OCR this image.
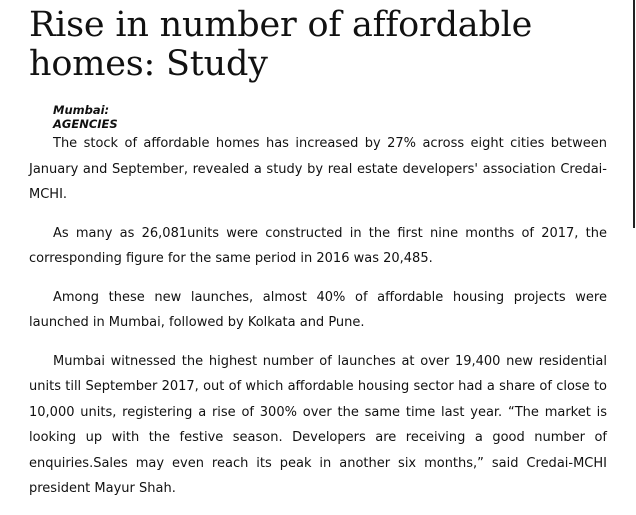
Rise in number of affordable homes: Study
Mumbai:
AGENCIES

The stock of affordable homes has increased by 27% across eight cities between January and September, revealed a study by real estate developers' association Credai-MCHI.

As many as 26,081units were constructed in the first nine months of 2017, the corresponding figure for the same period in 2016 was 20,485.

Among these new launches, almost 40% of affordable housing projects were launched in Mumbai, followed by Kolkata and Pune.

Mumbai witnessed the highest number of launches at over 19,400 new residential units till September 2017, out of which affordable housing sector had a share of close to 10,000 units, registering a rise of 300% over the same time last year. “The market is looking up with the festive season. Developers are receiving a good number of enquiries.Sales may even reach its peak in another six months,” said Credai-MCHI president Mayur Shah.
